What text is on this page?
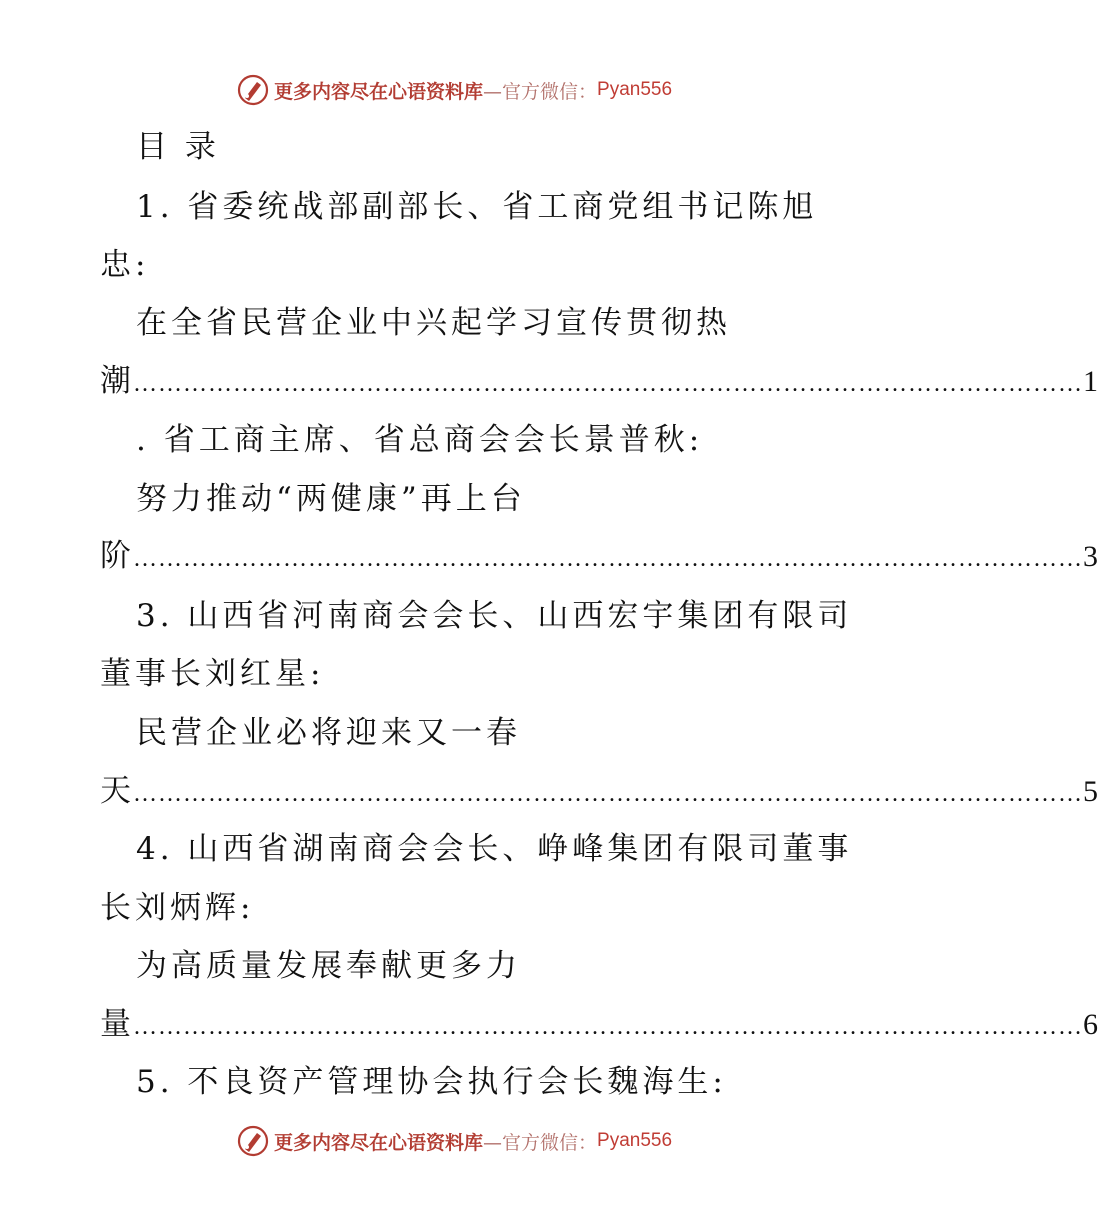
更多内容尽在心语资料库 —官方微信： Pyan556
目 录
1. 省委统战部副部长、省工商党组书记陈旭
忠:
在全省民营企业中兴起学习宣传贯彻热
潮 …………………………………………………………………………………………………… 1
. 省工商主席、省总商会会长景普秋:
努力推动“两健康”再上台
阶 …………………………………………………………………………………………………… 3
3. 山西省河南商会会长、山西宏宇集团有限司
董事长刘红星:
民营企业必将迎来又一春
天 …………………………………………………………………………………………………… 5
4. 山西省湖南商会会长、峥峰集团有限司董事
长刘炳辉:
为高质量发展奉献更多力
量 …………………………………………………………………………………………………… 6
5. 不良资产管理协会执行会长魏海生:
更多内容尽在心语资料库 —官方微信： Pyan556
